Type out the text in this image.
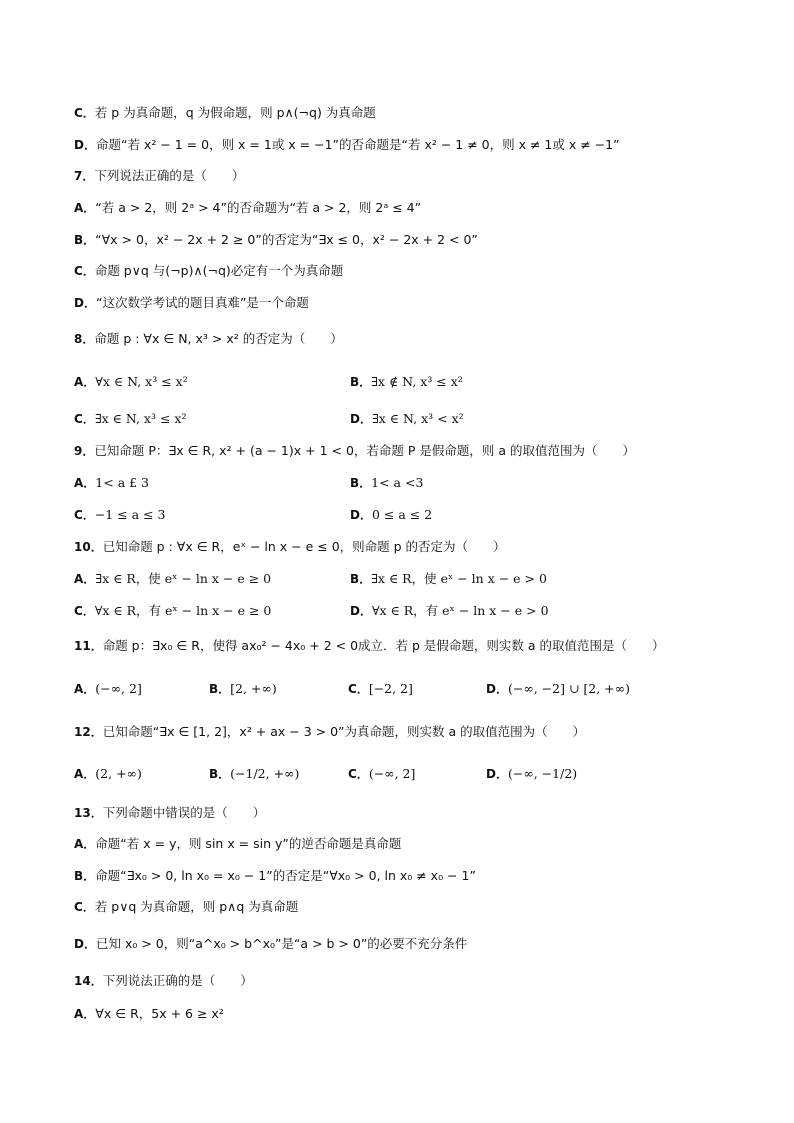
C．若 p 为真命题，q 为假命题，则 p∧(¬q) 为真命题
D．命题“若 x² − 1 = 0，则 x = 1或 x = −1”的否命题是“若 x² − 1 ≠ 0，则 x ≠ 1或 x ≠ −1”
7．下列说法正确的是（　　）
A．“若 a > 2，则 2ᵃ > 4”的否命题为“若 a > 2，则 2ᵃ ≤ 4”
B．“∀x > 0，x² − 2x + 2 ≥ 0”的否定为“∃x ≤ 0，x² − 2x + 2 < 0”
C．命题 p∨q 与(¬p)∧(¬q)必定有一个为真命题
D．“这次数学考试的题目真难”是一个命题
8．命题 p : ∀x ∈ N, x³ > x² 的否定为（　　）
A．∀x ∈ N, x³ ≤ x²	B．∃x ∉ N, x³ ≤ x²
C．∃x ∈ N, x³ ≤ x²	D．∃x ∈ N, x³ < x²
9．已知命题 P：∃x ∈ R, x² + (a − 1)x + 1 < 0，若命题 P 是假命题，则 a 的取值范围为（　　）
A．1< a £ 3	B．1< a <3
C．−1 ≤ a ≤ 3	D．0 ≤ a ≤ 2
10．已知命题 p : ∀x ∈ R，eˣ − ln x − e ≤ 0，则命题 p 的否定为（　　）
A．∃x ∈ R，使 eˣ − ln x − e ≥ 0	B．∃x ∈ R，使 eˣ − ln x − e > 0
C．∀x ∈ R，有 eˣ − ln x − e ≥ 0	D．∀x ∈ R，有 eˣ − ln x − e > 0
11．命题 p：∃x₀ ∈ R，使得 ax₀² − 4x₀ + 2 < 0成立．若 p 是假命题，则实数 a 的取值范围是（　　）
A．(−∞, 2]	B．[2, +∞)	C．[−2, 2]	D．(−∞, −2] ∪ [2, +∞)
12．已知命题“∃x ∈ [1, 2]，x² + ax − 3 > 0”为真命题，则实数 a 的取值范围为（　　）
A．(2, +∞)	B．(−1/2, +∞)	C．(−∞, 2]	D．(−∞, −1/2)
13．下列命题中错误的是（　　）
A．命题“若 x = y，则 sin x = sin y”的逆否命题是真命题
B．命题“∃x₀ > 0, ln x₀ = x₀ − 1”的否定是“∀x₀ > 0, ln x₀ ≠ x₀ − 1”
C．若 p∨q 为真命题，则 p∧q 为真命题
D．已知 x₀ > 0，则“a^x₀ > b^x₀”是“a > b > 0”的必要不充分条件
14．下列说法正确的是（　　）
A．∀x ∈ R，5x + 6 ≥ x²
